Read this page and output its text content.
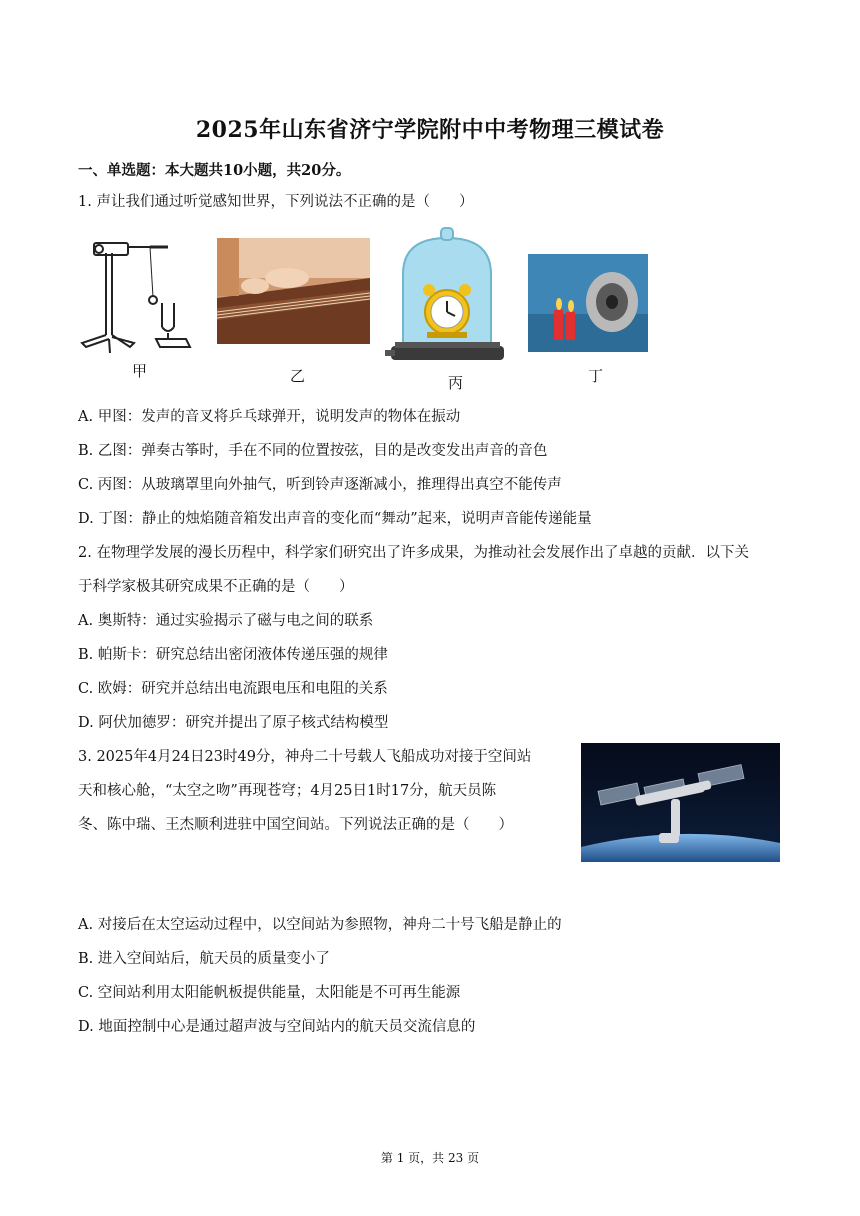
2025年山东省济宁学院附中中考物理三模试卷
一、单选题：本大题共10小题，共20分。
1. 声让我们通过听觉感知世界，下列说法不正确的是（　　）
甲	乙	丙	丁
A. 甲图：发声的音叉将乒乓球弹开，说明发声的物体在振动
B. 乙图：弹奏古筝时，手在不同的位置按弦，目的是改变发出声音的音色
C. 丙图：从玻璃罩里向外抽气，听到铃声逐渐减小，推理得出真空不能传声
D. 丁图：静止的烛焰随音箱发出声音的变化而“舞动”起来，说明声音能传递能量
2. 在物理学发展的漫长历程中，科学家们研究出了许多成果，为推动社会发展作出了卓越的贡献．以下关
于科学家极其研究成果不正确的是（　　）
A. 奥斯特：通过实验揭示了磁与电之间的联系
B. 帕斯卡：研究总结出密闭液体传递压强的规律
C. 欧姆：研究并总结出电流跟电压和电阻的关系
D. 阿伏加德罗：研究并提出了原子核式结构模型
3. 2025年4月24日23时49分，神舟二十号载人飞船成功对接于空间站
天和核心舱，“太空之吻”再现苍穹；4月25日1时17分，航天员陈
冬、陈中瑞、王杰顺利进驻中国空间站。下列说法正确的是（　　）
A. 对接后在太空运动过程中，以空间站为参照物，神舟二十号飞船是静止的
B. 进入空间站后，航天员的质量变小了
C. 空间站利用太阳能帆板提供能量，太阳能是不可再生能源
D. 地面控制中心是通过超声波与空间站内的航天员交流信息的
第 1 页，共 23 页
